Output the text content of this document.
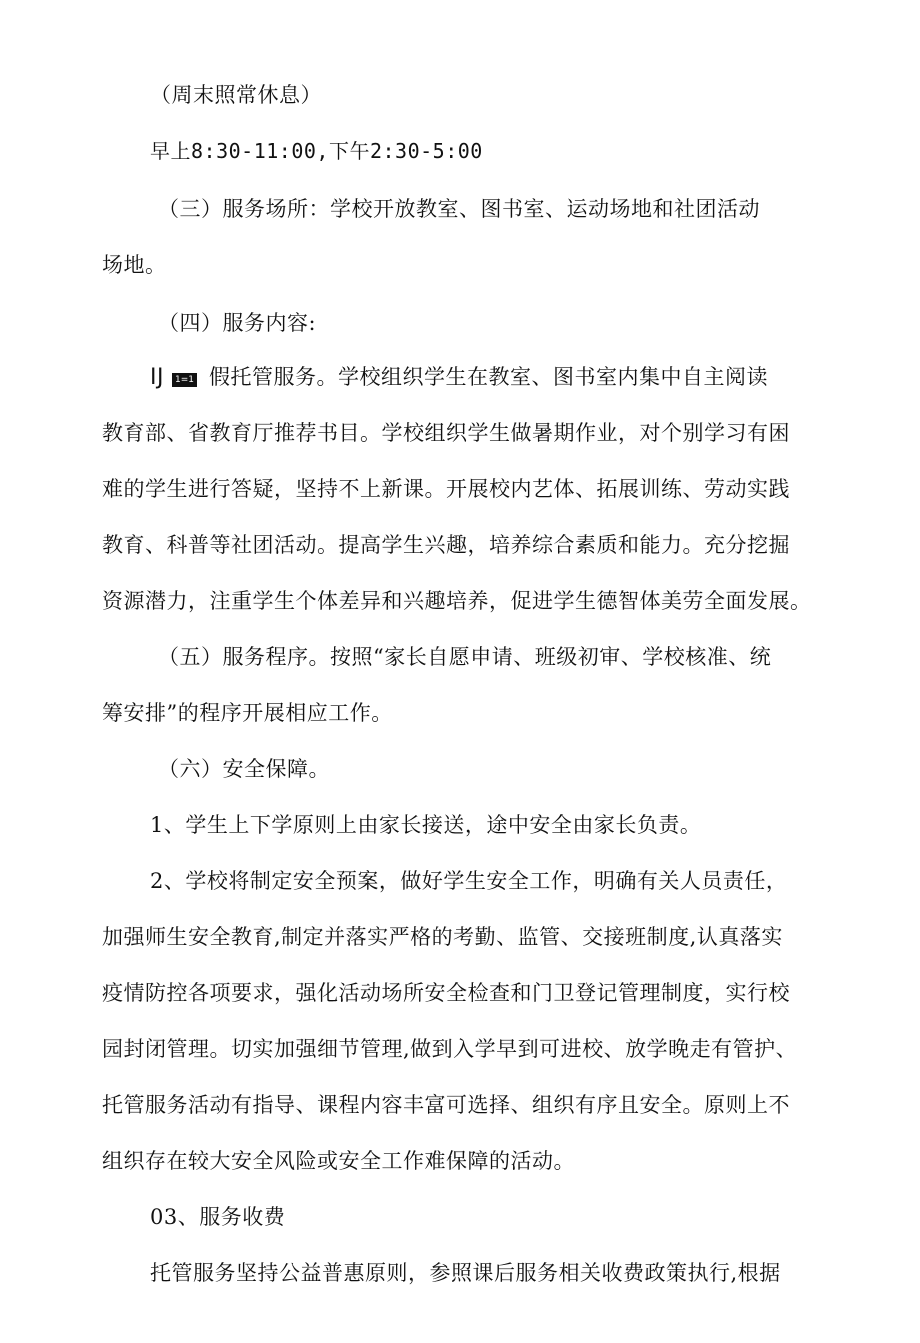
（周末照常休息）
早上8:30-11:00,下午2:30-5:00
（三）服务场所：学校开放教室、图书室、运动场地和社团活动
场地。
（四）服务内容:
IJ 1=1 假托管服务。学校组织学生在教室、图书室内集中自主阅读
教育部、省教育厅推荐书目。学校组织学生做暑期作业，对个别学习有困
难的学生进行答疑，坚持不上新课。开展校内艺体、拓展训练、劳动实践
教育、科普等社团活动。提高学生兴趣，培养综合素质和能力。充分挖掘
资源潜力，注重学生个体差异和兴趣培养，促进学生德智体美劳全面发展。
（五）服务程序。按照“家长自愿申请、班级初审、学校核准、统
筹安排”的程序开展相应工作。
（六）安全保障。
1、学生上下学原则上由家长接送，途中安全由家长负责。
2、学校将制定安全预案，做好学生安全工作，明确有关人员责任，
加强师生安全教育,制定并落实严格的考勤、监管、交接班制度,认真落实
疫情防控各项要求，强化活动场所安全检查和门卫登记管理制度，实行校
园封闭管理。切实加强细节管理,做到入学早到可进校、放学晚走有管护、
托管服务活动有指导、课程内容丰富可选择、组织有序且安全。原则上不
组织存在较大安全风险或安全工作难保障的活动。
03、服务收费
托管服务坚持公益普惠原则，参照课后服务相关收费政策执行,根据
